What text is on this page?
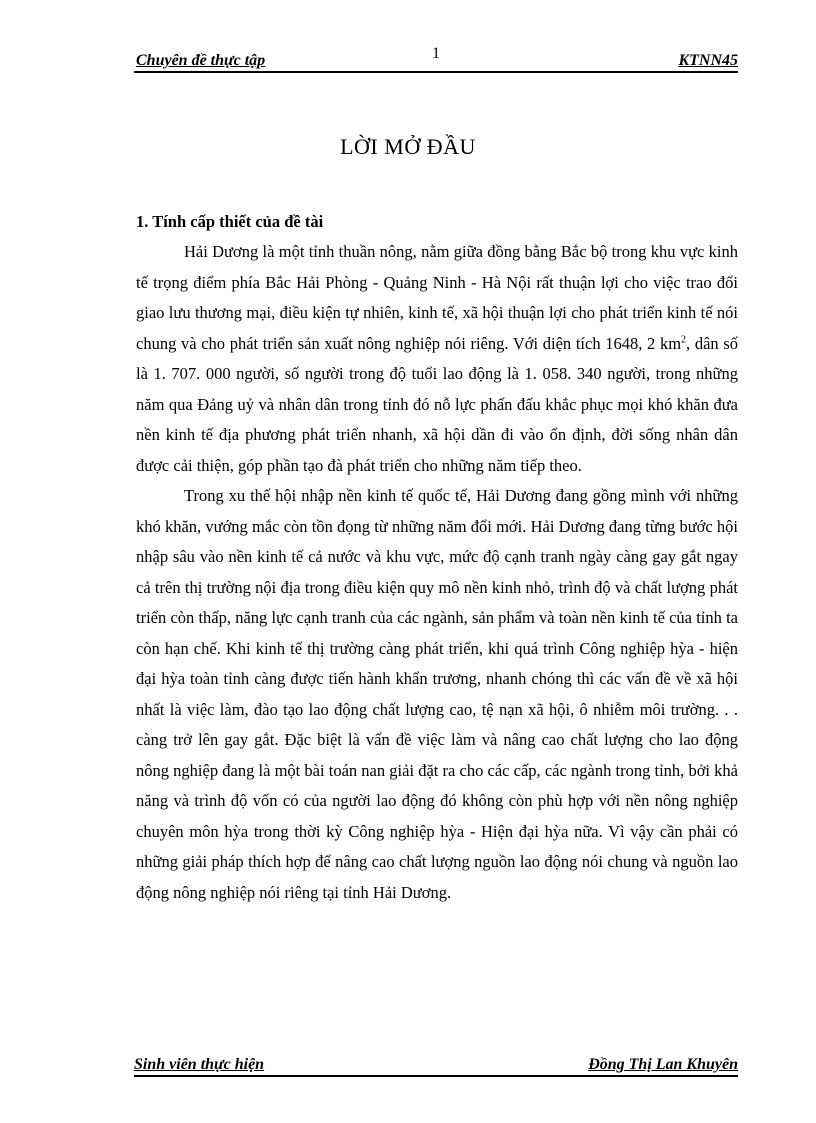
Chuyên đề thực tập	1	KTNN45
LỜI MỞ ĐẦU
1. Tính cấp thiết của đề tài

Hải Dương là một tỉnh thuần nông, nằm giữa đồng bằng Bắc bộ trong khu vực kinh tế trọng điểm phía Bắc Hải Phòng - Quảng Ninh - Hà Nội rất thuận lợi cho việc trao đổi giao lưu thương mại, điều kiện tự nhiên, kinh tế, xã hội thuận lợi cho phát triển kinh tế nói chung và cho phát triển sản xuất nông nghiệp nói riêng. Với diện tích 1648, 2 $km^2$, dân số là 1. 707. 000 người, số người trong độ tuổi lao động là 1. 058. 340 người, trong những năm qua Đảng uỷ và nhân dân trong tỉnh đó nỗ lực phấn đấu khắc phục mọi khó khăn đưa nền kinh tế địa phương phát triển nhanh, xã hội dần đi vào ổn định, đời sống nhân dân được cải thiện, góp phần tạo đà phát triển cho những năm tiếp theo.

Trong xu thế hội nhập nền kinh tế quốc tế, Hải Dương đang gồng mình với những khó khăn, vướng mắc còn tồn đọng từ những năm đổi mới. Hải Dương đang từng bước hội nhập sâu vào nền kinh tế cả nước và khu vực, mức độ cạnh tranh ngày càng gay gắt ngay cả trên thị trường nội địa trong điều kiện quy mô nền kinh nhỏ, trình độ và chất lượng phát triển còn thấp, năng lực cạnh tranh của các ngành, sản phẩm và toàn nền kinh tế của tỉnh ta còn hạn chế. Khi kinh tế thị trường càng phát triển, khi quá trình Công nghiệp hỳa - hiện đại hỳa toàn tỉnh càng được tiến hành khẩn trương, nhanh chóng thì các vấn đề về xã hội nhất là việc làm, đào tạo lao động chất lượng cao, tệ nạn xã hội, ô nhiễm môi trường. . . càng trở lên gay gắt. Đặc biệt là vấn đề việc làm và nâng cao chất lượng cho lao động nông nghiệp đang là một bài toán nan giải đặt ra cho các cấp, các ngành trong tỉnh, bởi khả năng và trình độ vốn có của người lao động đó không còn phù hợp với nền nông nghiệp chuyên môn hỳa trong thời kỳ Công nghiệp hỳa - Hiện đại hỳa nữa. Vì vậy cần phải có những giải pháp thích hợp để nâng cao chất lượng nguồn lao động nói chung và nguồn lao động nông nghiệp nói riêng tại tỉnh Hải Dương.

Sinh viên thực hiện	Đồng Thị Lan Khuyên
